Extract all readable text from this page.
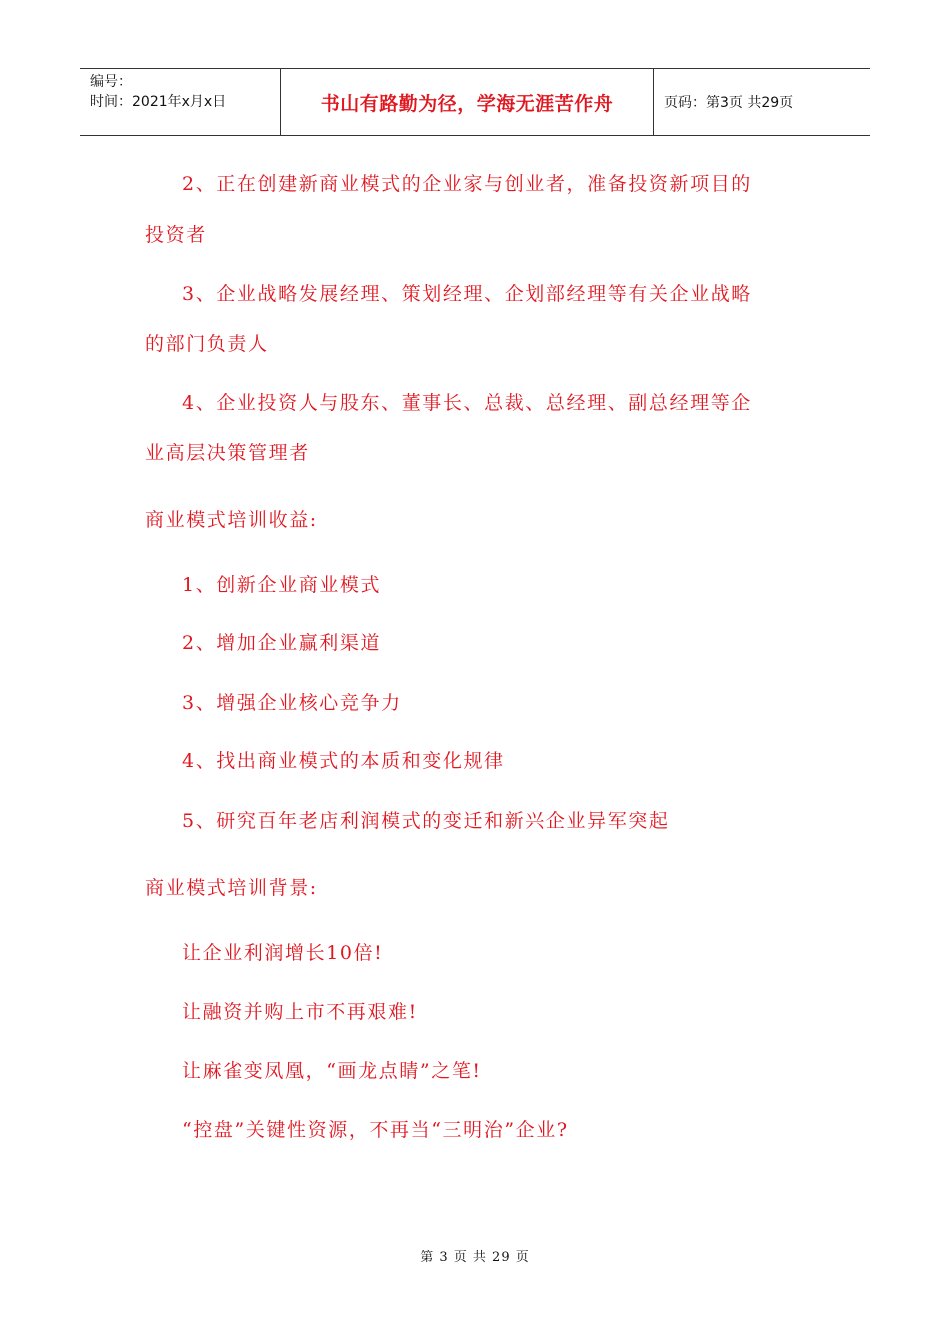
编号：
时间：2021年x月x日	书山有路勤为径，学海无涯苦作舟	页码：第3页 共29页
2、正在创建新商业模式的企业家与创业者，准备投资新项目的
投资者
3、企业战略发展经理、策划经理、企划部经理等有关企业战略
的部门负责人
4、企业投资人与股东、董事长、总裁、总经理、副总经理等企
业高层决策管理者
商业模式培训收益:
1、创新企业商业模式
2、增加企业赢利渠道
3、增强企业核心竞争力
4、找出商业模式的本质和变化规律
5、研究百年老店利润模式的变迁和新兴企业异军突起
商业模式培训背景:
让企业利润增长10倍!
让融资并购上市不再艰难!
让麻雀变凤凰，“画龙点睛”之笔!
“控盘”关键性资源，不再当“三明治”企业?
第 3 页 共 29 页
